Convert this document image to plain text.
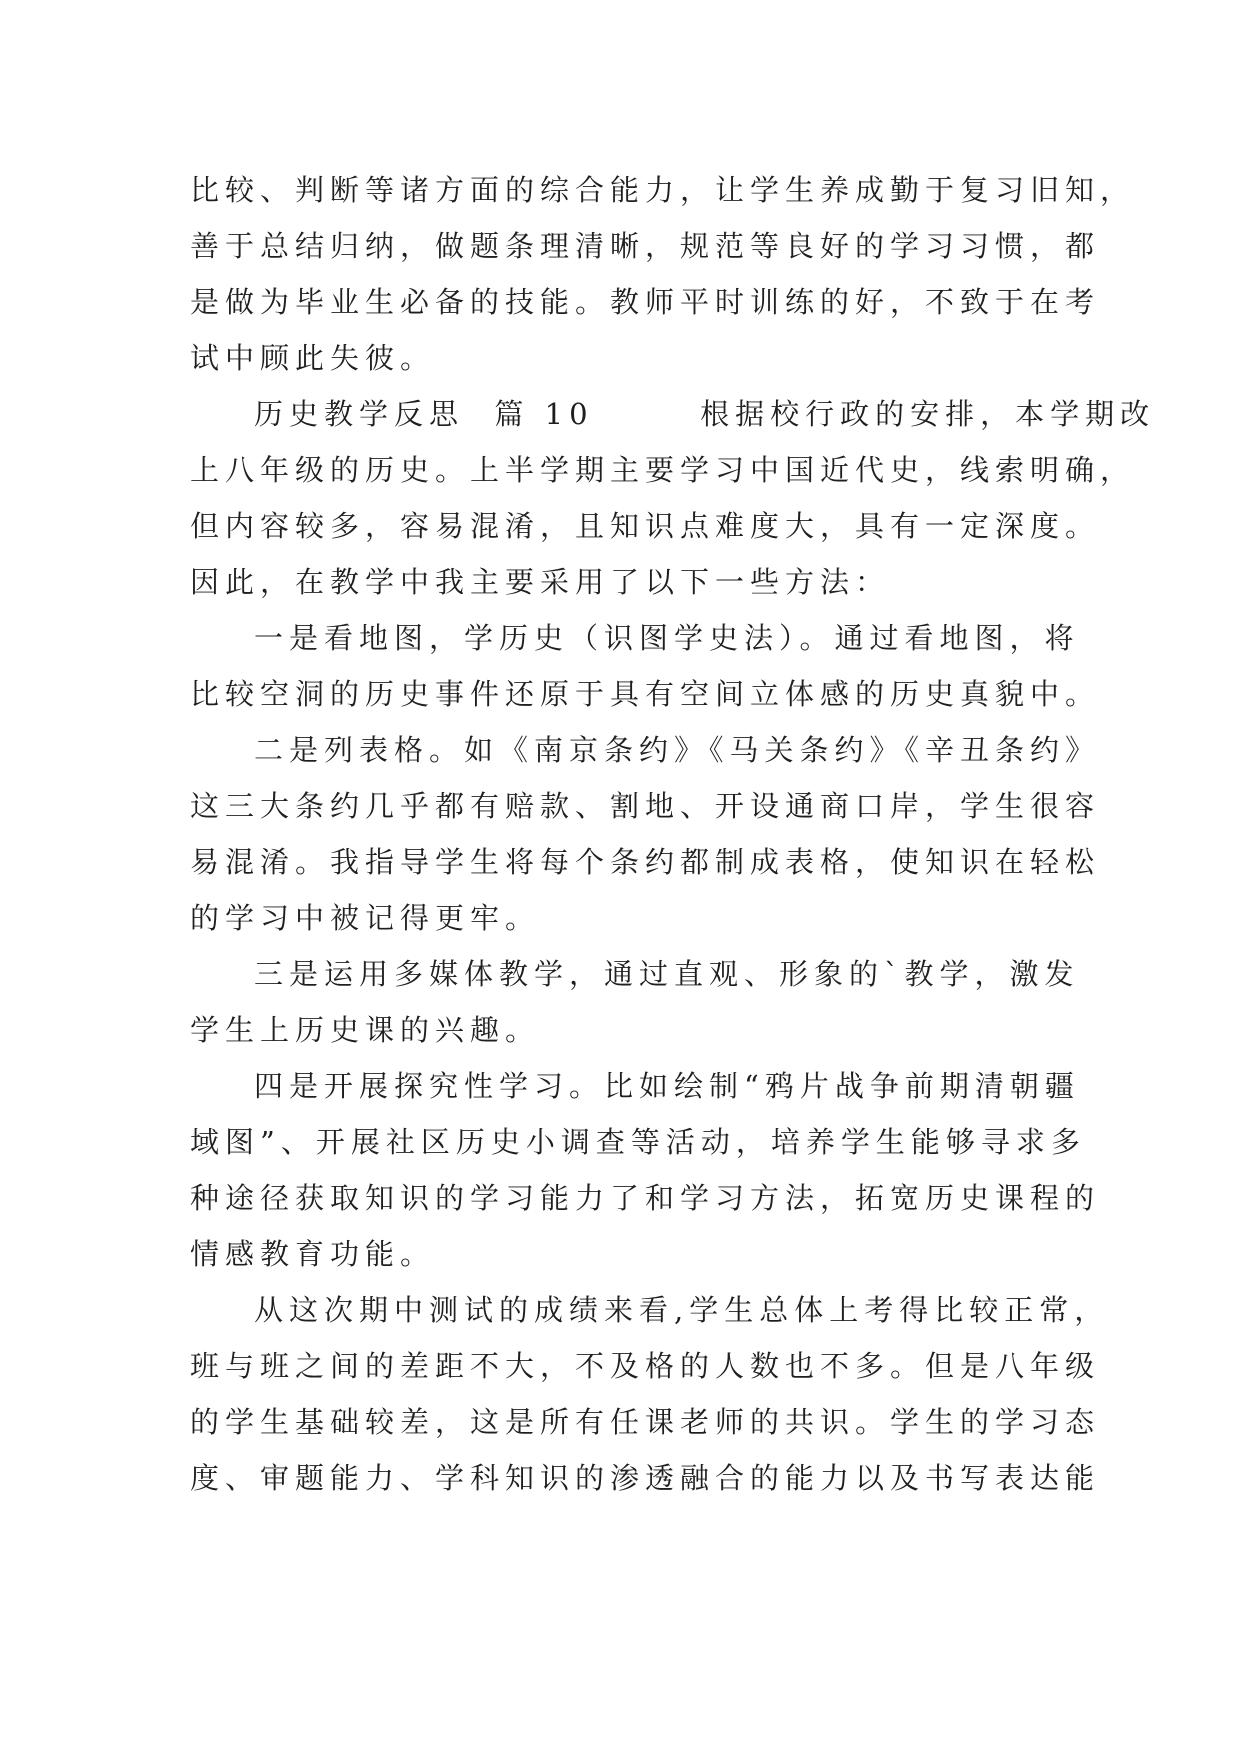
比较、判断等诸方面的综合能力，让学生养成勤于复习旧知，
善于总结归纳，做题条理清晰，规范等良好的学习习惯，都
是做为毕业生必备的技能。教师平时训练的好，不致于在考
试中顾此失彼。
历史教学反思  篇 10       根据校行政的安排，本学期改
上八年级的历史。上半学期主要学习中国近代史，线索明确，
但内容较多，容易混淆，且知识点难度大，具有一定深度。
因此，在教学中我主要采用了以下一些方法：
一是看地图，学历史（识图学史法）。通过看地图，将
比较空洞的历史事件还原于具有空间立体感的历史真貌中。
二是列表格。如《南京条约》《马关条约》《辛丑条约》
这三大条约几乎都有赔款、割地、开设通商口岸，学生很容
易混淆。我指导学生将每个条约都制成表格，使知识在轻松
的学习中被记得更牢。
三是运用多媒体教学，通过直观、形象的`教学，激发
学生上历史课的兴趣。
四是开展探究性学习。比如绘制“鸦片战争前期清朝疆
域图”、开展社区历史小调查等活动，培养学生能够寻求多
种途径获取知识的学习能力了和学习方法，拓宽历史课程的
情感教育功能。
从这次期中测试的成绩来看,学生总体上考得比较正常，
班与班之间的差距不大，不及格的人数也不多。但是八年级
的学生基础较差，这是所有任课老师的共识。学生的学习态
度、审题能力、学科知识的渗透融合的能力以及书写表达能
